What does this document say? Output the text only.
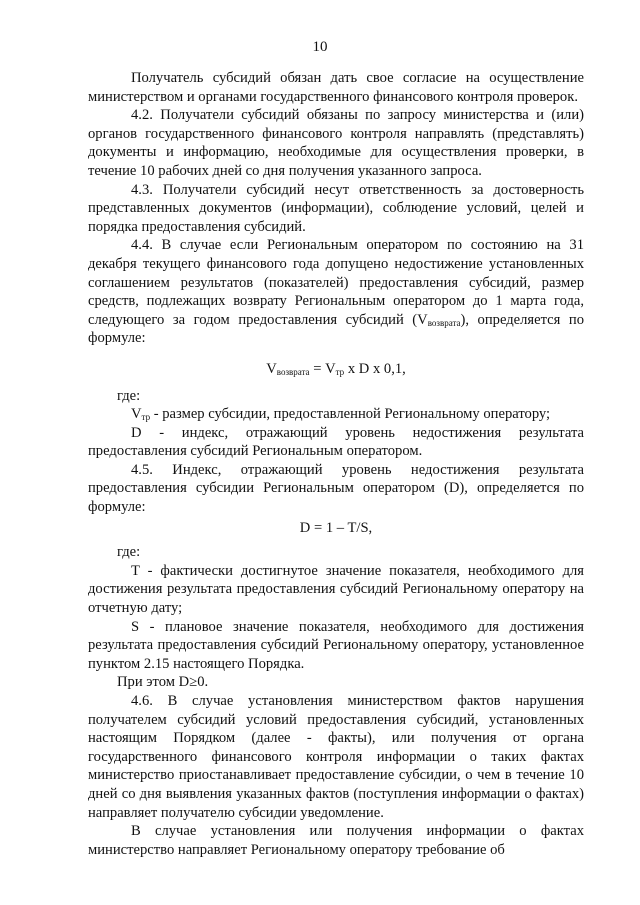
10

Получатель субсидий обязан дать свое согласие на осуществление министерством и органами государственного финансового контроля проверок.

4.2. Получатели субсидий обязаны по запросу министерства и (или) органов государственного финансового контроля направлять (представлять) документы и информацию, необходимые для осуществления проверки, в течение 10 рабочих дней со дня получения указанного запроса.

4.3. Получатели субсидий несут ответственность за достоверность представленных документов (информации), соблюдение условий, целей и порядка предоставления субсидий.

4.4. В случае если Региональным оператором по состоянию на 31 декабря текущего финансового года допущено недостижение установленных соглашением результатов (показателей) предоставления субсидий, размер средств, подлежащих возврату Региональным оператором до 1 марта года, следующего за годом предоставления субсидий $(V_{возврата})$, определяется по формуле:

$V_{возврата} = V_{тр}$ x D x 0,1,

где:

$V_{тр}$ - размер субсидии, предоставленной Региональному оператору;

D - индекс, отражающий уровень недостижения результата предоставления субсидий Региональным оператором.

4.5. Индекс, отражающий уровень недостижения результата предоставления субсидии Региональным оператором (D), определяется по формуле:

D = 1 – T/S,

где:

T - фактически достигнутое значение показателя, необходимого для достижения результата предоставления субсидий Региональному оператору на отчетную дату;

S - плановое значение показателя, необходимого для достижения результата предоставления субсидий Региональному оператору, установленное пунктом 2.15 настоящего Порядка.

При этом D≥0.

4.6. В случае установления министерством фактов нарушения получателем субсидий условий предоставления субсидий, установленных настоящим Порядком (далее - факты), или получения от органа государственного финансового контроля информации о таких фактах министерство приостанавливает предоставление субсидии, о чем в течение 10 дней со дня выявления указанных фактов (поступления информации о фактах) направляет получателю субсидии уведомление.

В случае установления или получения информации о фактах министерство направляет Региональному оператору требование об
